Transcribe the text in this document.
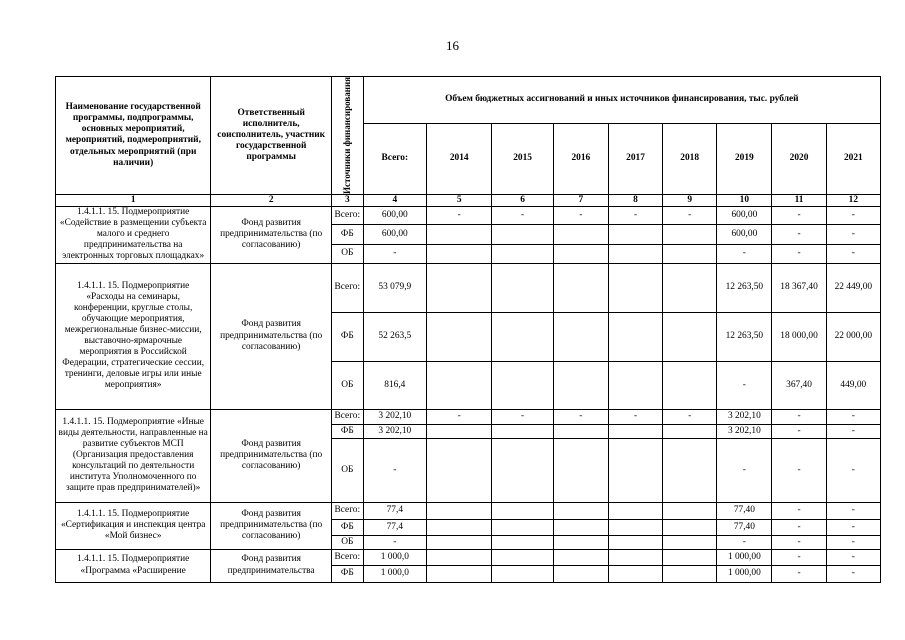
16
Наименование государственной программы, подпрограммы, основных мероприятий, мероприятий, подмероприятий, отдельных мероприятий (при наличии)	Ответственный исполнитель, соисполнитель, участник государственной программы	Источники финансирования	Объем бюджетных ассигнований и иных источников финансирования, тыс. рублей								
			Всего:	2014	2015	2016	2017	2018	2019	2020	2021
1	2	3	4	5	6	7	8	9	10	11	12
1.4.1.1. 15. Подмероприятие «Содействие в размещении субъекта малого и среднего предпринимательства на электронных торговых площадках»	Фонд развития предпринимательства (по согласованию)	Всего:	600,00	-	-	-	-	-	600,00	-	-
		ФБ	600,00						600,00	-	-
		ОБ	-						-	-	-
1.4.1.1. 15. Подмероприятие «Расходы на семинары, конференции, круглые столы, обучающие мероприятия, межрегиональные бизнес-миссии, выставочно-ярмарочные мероприятия в Российской Федерации, стратегические сессии, тренинги, деловые игры или иные мероприятия»	Фонд развития предпринимательства (по согласованию)	Всего:	53 079,9						12 263,50	18 367,40	22 449,00
		ФБ	52 263,5						12 263,50	18 000,00	22 000,00
		ОБ	816,4						-	367,40	449,00
1.4.1.1. 15. Подмероприятие «Иные виды деятельности, направленные на развитие субъектов МСП (Организация предоставления консультаций по деятельности института Уполномоченного по защите прав предпринимателей)»	Фонд развития предпринимательства (по согласованию)	Всего:	3 202,10	-	-	-	-	-	3 202,10	-	-
		ФБ	3 202,10						3 202,10	-	-
		ОБ	-						-	-	-
1.4.1.1. 15. Подмероприятие «Сертификация и инспекция центра «Мой бизнес»	Фонд развития предпринимательства (по согласованию)	Всего:	77,4						77,40	-	-
		ФБ	77,4						77,40	-	-
		ОБ	-						-	-	-
1.4.1.1. 15. Подмероприятие «Программа «Расширение	Фонд развития предпринимательства	Всего:	1 000,0						1 000,00	-	-
		ФБ	1 000,0						1 000,00	-	-
